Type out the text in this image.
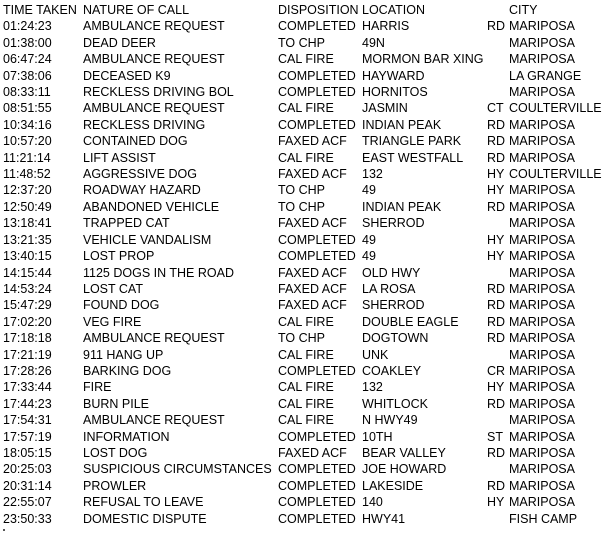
TIME TAKEN	NATURE OF CALL	DISPOSITION	LOCATION		CITY
01:24:23	AMBULANCE REQUEST	COMPLETED	HARRIS	RD	MARIPOSA
01:38:00	DEAD DEER	TO CHP	49N		MARIPOSA
06:47:24	AMBULANCE REQUEST	CAL FIRE	MORMON BAR XING		MARIPOSA
07:38:06	DECEASED K9	COMPLETED	HAYWARD		LA GRANGE
08:33:11	RECKLESS DRIVING BOL	COMPLETED	HORNITOS		MARIPOSA
08:51:55	AMBULANCE REQUEST	CAL FIRE	JASMIN	CT	COULTERVILLE
10:34:16	RECKLESS DRIVING	COMPLETED	INDIAN PEAK	RD	MARIPOSA
10:57:20	CONTAINED DOG	FAXED ACF	TRIANGLE PARK	RD	MARIPOSA
11:21:14	LIFT ASSIST	CAL FIRE	EAST WESTFALL	RD	MARIPOSA
11:48:52	AGGRESSIVE DOG	FAXED ACF	132	HY	COULTERVILLE
12:37:20	ROADWAY HAZARD	TO CHP	49	HY	MARIPOSA
12:50:49	ABANDONED VEHICLE	TO CHP	INDIAN PEAK	RD	MARIPOSA
13:18:41	TRAPPED CAT	FAXED ACF	SHERROD		MARIPOSA
13:21:35	VEHICLE VANDALISM	COMPLETED	49	HY	MARIPOSA
13:40:15	LOST PROP	COMPLETED	49	HY	MARIPOSA
14:15:44	1125 DOGS IN THE ROAD	FAXED ACF	OLD HWY		MARIPOSA
14:53:24	LOST CAT	FAXED ACF	LA ROSA	RD	MARIPOSA
15:47:29	FOUND DOG	FAXED ACF	SHERROD	RD	MARIPOSA
17:02:20	VEG FIRE	CAL FIRE	DOUBLE EAGLE	RD	MARIPOSA
17:18:18	AMBULANCE REQUEST	TO CHP	DOGTOWN	RD	MARIPOSA
17:21:19	911 HANG UP	CAL FIRE	UNK		MARIPOSA
17:28:26	BARKING DOG	COMPLETED	COAKLEY	CR	MARIPOSA
17:33:44	FIRE	CAL FIRE	132	HY	MARIPOSA
17:44:23	BURN PILE	CAL FIRE	WHITLOCK	RD	MARIPOSA
17:54:31	AMBULANCE REQUEST	CAL FIRE	N HWY49		MARIPOSA
17:57:19	INFORMATION	COMPLETED	10TH	ST	MARIPOSA
18:05:15	LOST DOG	FAXED ACF	BEAR VALLEY	RD	MARIPOSA
20:25:03	SUSPICIOUS CIRCUMSTANCES	COMPLETED	JOE HOWARD		MARIPOSA
20:31:14	PROWLER	COMPLETED	LAKESIDE	RD	MARIPOSA
22:55:07	REFUSAL TO LEAVE	COMPLETED	140	HY	MARIPOSA
23:50:33	DOMESTIC DISPUTE	COMPLETED	HWY41		FISH CAMP
